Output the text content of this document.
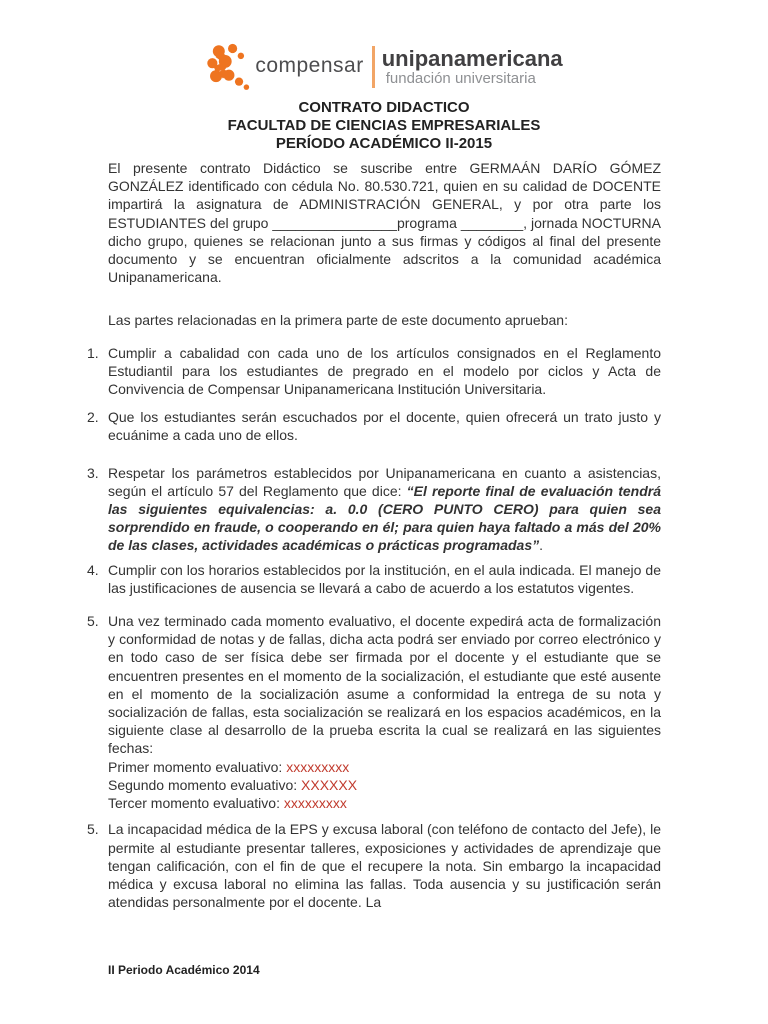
compensar unipanamericana
fundación universitaria
CONTRATO DIDACTICO
FACULTAD DE CIENCIAS EMPRESARIALES
PERÍODO ACADÉMICO II-2015

El presente contrato Didáctico se suscribe entre GERMAÁN DARÍO GÓMEZ GONZÁLEZ identificado con cédula No. 80.530.721, quien en su calidad de DOCENTE impartirá la asignatura de ADMINISTRACIÓN GENERAL, y por otra parte los ESTUDIANTES del grupo ________________programa ________, jornada NOCTURNA dicho grupo, quienes se relacionan junto a sus firmas y códigos al final del presente documento y se encuentran oficialmente adscritos a la comunidad académica Unipanamericana.

Las partes relacionadas en la primera parte de este documento aprueban:

1. Cumplir a cabalidad con cada uno de los artículos consignados en el Reglamento Estudiantil para los estudiantes de pregrado en el modelo por ciclos y Acta de Convivencia de Compensar Unipanamericana Institución Universitaria.
2. Que los estudiantes serán escuchados por el docente, quien ofrecerá un trato justo y ecuánime a cada uno de ellos.
3. Respetar los parámetros establecidos por Unipanamericana en cuanto a asistencias, según el artículo 57 del Reglamento que dice: “El reporte final de evaluación tendrá las siguientes equivalencias: a. 0.0 (CERO PUNTO CERO) para quien sea sorprendido en fraude, o cooperando en él; para quien haya faltado a más del 20% de las clases, actividades académicas o prácticas programadas”.
4. Cumplir con los horarios establecidos por la institución, en el aula indicada. El manejo de las justificaciones de ausencia se llevará a cabo de acuerdo a los estatutos vigentes.
5. Una vez terminado cada momento evaluativo, el docente expedirá acta de formalización y conformidad de notas y de fallas, dicha acta podrá ser enviado por correo electrónico y en todo caso de ser física debe ser firmada por el docente y el estudiante que se encuentren presentes en el momento de la socialización, el estudiante que esté ausente en el momento de la socialización asume a conformidad la entrega de su nota y socialización de fallas, esta socialización se realizará en los espacios académicos, en la siguiente clase al desarrollo de la prueba escrita la cual se realizará en las siguientes fechas:
Primer momento evaluativo: xxxxxxxxx
Segundo momento evaluativo: XXXXXX
Tercer momento evaluativo: xxxxxxxxx
5. La incapacidad médica de la EPS y excusa laboral (con teléfono de contacto del Jefe), le permite al estudiante presentar talleres, exposiciones y actividades de aprendizaje que tengan calificación, con el fin de que el recupere la nota. Sin embargo la incapacidad médica y excusa laboral no elimina las fallas. Toda ausencia y su justificación serán atendidas personalmente por el docente. La
II Periodo Académico 2014
